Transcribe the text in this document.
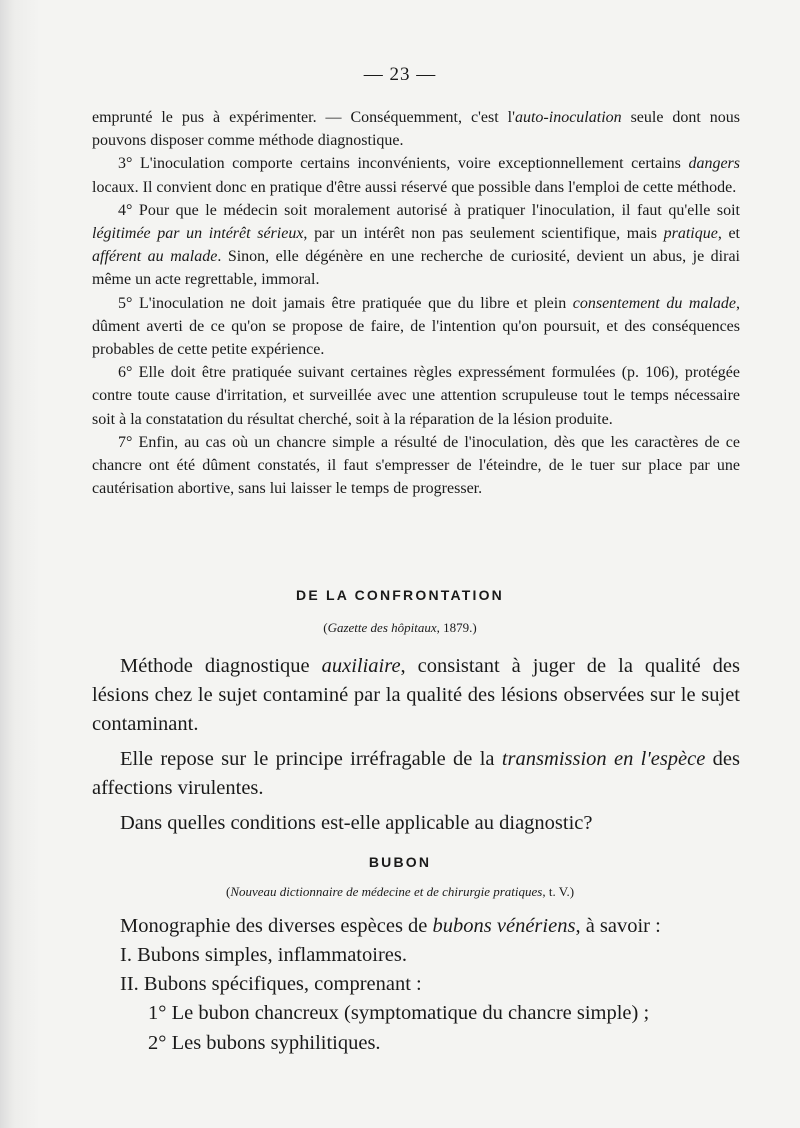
— 23 —

emprunté le pus à expérimenter. — Conséquemment, c'est l'auto-inoculation seule dont nous pouvons disposer comme méthode diagnostique.

3° L'inoculation comporte certains inconvénients, voire exceptionnellement certains dangers locaux. Il convient donc en pratique d'être aussi réservé que possible dans l'emploi de cette méthode.

4° Pour que le médecin soit moralement autorisé à pratiquer l'inoculation, il faut qu'elle soit légitimée par un intérêt sérieux, par un intérêt non pas seulement scientifique, mais pratique, et afférent au malade. Sinon, elle dégénère en une recherche de curiosité, devient un abus, je dirai même un acte regrettable, immoral.

5° L'inoculation ne doit jamais être pratiquée que du libre et plein consentement du malade, dûment averti de ce qu'on se propose de faire, de l'intention qu'on poursuit, et des conséquences probables de cette petite expérience.

6° Elle doit être pratiquée suivant certaines règles expressément formulées (p. 106), protégée contre toute cause d'irritation, et surveillée avec une attention scrupuleuse tout le temps nécessaire soit à la constatation du résultat cherché, soit à la réparation de la lésion produite.

7° Enfin, au cas où un chancre simple a résulté de l'inoculation, dès que les caractères de ce chancre ont été dûment constatés, il faut s'empresser de l'éteindre, de le tuer sur place par une cautérisation abortive, sans lui laisser le temps de progresser.

DE LA CONFRONTATION
(Gazette des hôpitaux, 1879.)

Méthode diagnostique auxiliaire, consistant à juger de la qualité des lésions chez le sujet contaminé par la qualité des lésions observées sur le sujet contaminant.

Elle repose sur le principe irréfragable de la transmission en l'espèce des affections virulentes.

Dans quelles conditions est-elle applicable au diagnostic?

BUBON
(Nouveau dictionnaire de médecine et de chirurgie pratiques, t. V.)

Monographie des diverses espèces de bubons vénériens, à savoir :

I. Bubons simples, inflammatoires.
II. Bubons spécifiques, comprenant :
1° Le bubon chancreux (symptomatique du chancre simple) ;
2° Les bubons syphilitiques.
